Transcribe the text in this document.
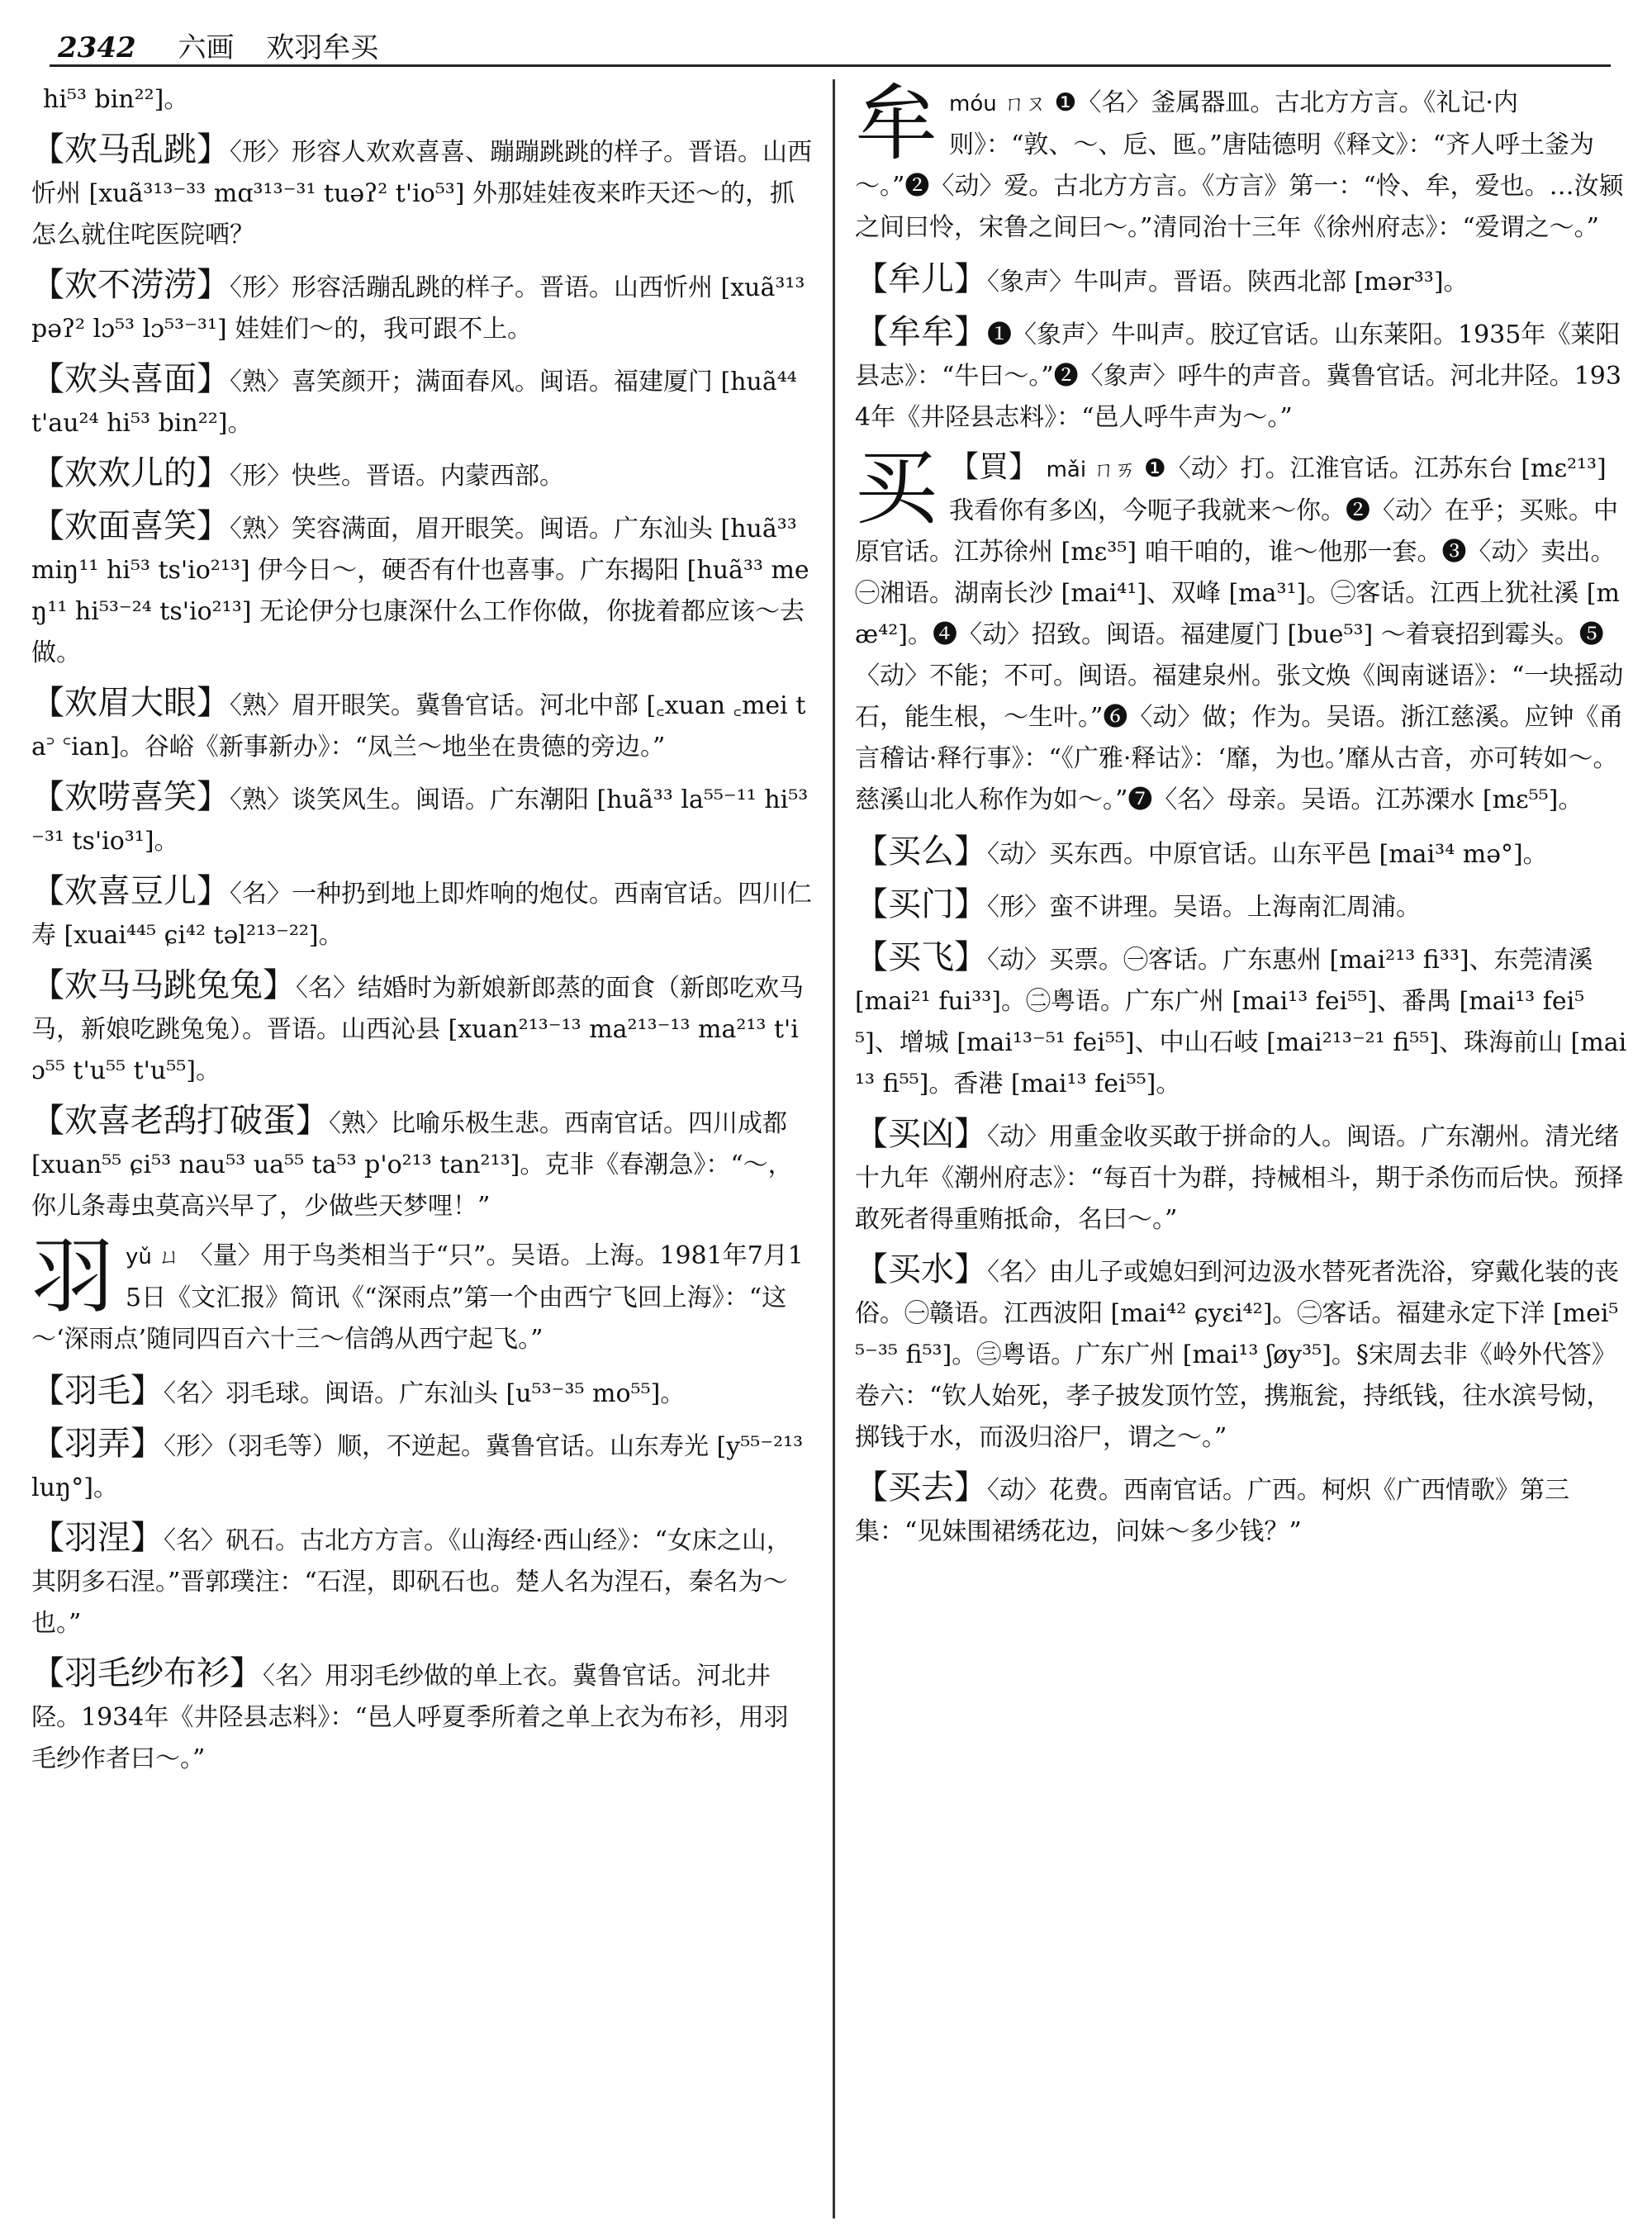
2342 六画 欢羽牟买
hi⁵³ bin²²]。
【欢马乱跳】〈形〉形容人欢欢喜喜、蹦蹦跳跳的样子。晋语。山西忻州 [xuã³¹³⁻³³ mɑ³¹³⁻³¹ tuəʔ² t'io⁵³] 外那娃娃夜来昨天还～的，抓怎么就住咤医院哂？
【欢不涝涝】〈形〉形容活蹦乱跳的样子。晋语。山西忻州 [xuã³¹³ pəʔ² lɔ⁵³ lɔ⁵³⁻³¹] 娃娃们～的，我可跟不上。
【欢头喜面】〈熟〉喜笑颜开；满面春风。闽语。福建厦门 [huã⁴⁴ t'au²⁴ hi⁵³ bin²²]。
【欢欢儿的】〈形〉快些。晋语。内蒙西部。
【欢面喜笑】〈熟〉笑容满面，眉开眼笑。闽语。广东汕头 [huã³³ miŋ¹¹ hi⁵³ ts'io²¹³] 伊今日～，硬否有什也喜事。广东揭阳 [huã³³ meŋ¹¹ hi⁵³⁻²⁴ ts'io²¹³] 无论伊分乜康深什么工作你做，你拢着都应该～去做。
【欢眉大眼】〈熟〉眉开眼笑。冀鲁官话。河北中部 [꜀xuan ꜀mei ta꜄ ꜂ian]。谷峪《新事新办》：“凤兰～地坐在贵德的旁边。”
【欢唠喜笑】〈熟〉谈笑风生。闽语。广东潮阳 [huã³³ la⁵⁵⁻¹¹ hi⁵³⁻³¹ ts'io³¹]。
【欢喜豆儿】〈名〉一种扔到地上即炸响的炮仗。西南官话。四川仁寿 [xuai⁴⁴⁵ ɕi⁴² təl²¹³⁻²²]。
【欢马马跳兔兔】〈名〉结婚时为新娘新郎蒸的面食（新郎吃欢马马，新娘吃跳兔兔）。晋语。山西沁县 [xuan²¹³⁻¹³ ma²¹³⁻¹³ ma²¹³ t'iɔ⁵⁵ t'u⁵⁵ t'u⁵⁵]。
【欢喜老鸹打破蛋】〈熟〉比喻乐极生悲。西南官话。四川成都 [xuan⁵⁵ ɕi⁵³ nau⁵³ ua⁵⁵ ta⁵³ p'o²¹³ tan²¹³]。克非《春潮急》：“～，你儿条毒虫莫高兴早了，少做些天梦哩！”
羽 yǔ ㄩ 〈量〉用于鸟类相当于“只”。吴语。上海。1981年7月15日《文汇报》简讯《“深雨点”第一个由西宁飞回上海》：“这～‘深雨点’随同四百六十三～信鸽从西宁起飞。”
【羽毛】〈名〉羽毛球。闽语。广东汕头 [u⁵³⁻³⁵ mo⁵⁵]。
【羽弄】〈形〉（羽毛等）顺，不逆起。冀鲁官话。山东寿光 [y⁵⁵⁻²¹³ luŋ°]。
【羽涅】〈名〉矾石。古北方方言。《山海经·西山经》：“女床之山，其阴多石涅。”晋郭璞注：“石涅，即矾石也。楚人名为涅石，秦名为～也。”
【羽毛纱布衫】〈名〉用羽毛纱做的单上衣。冀鲁官话。河北井陉。1934年《井陉县志料》：“邑人呼夏季所着之单上衣为布衫，用羽毛纱作者曰～。”
牟 móu ㄇㄡ ❶〈名〉釜属器皿。古北方方言。《礼记·内则》：“敦、～、卮、匜。”唐陆德明《释文》：“齐人呼土釜为～。”❷〈动〉爱。古北方方言。《方言》第一：“怜、牟，爱也。…汝颍之间曰怜，宋鲁之间曰～。”清同治十三年《徐州府志》：“爱谓之～。”
【牟儿】〈象声〉牛叫声。晋语。陕西北部 [mər³³]。
【牟牟】❶〈象声〉牛叫声。胶辽官话。山东莱阳。1935年《莱阳县志》：“牛曰～。”❷〈象声〉呼牛的声音。冀鲁官话。河北井陉。1934年《井陉县志料》：“邑人呼牛声为～。”
买 【買】 mǎi ㄇㄞ ❶〈动〉打。江淮官话。江苏东台 [mɛ²¹³] 我看你有多凶，今呃子我就来～你。❷〈动〉在乎；买账。中原官话。江苏徐州 [mɛ³⁵] 咱干咱的，谁～他那一套。❸〈动〉卖出。㊀湘语。湖南长沙 [mai⁴¹]、双峰 [ma³¹]。㊁客话。江西上犹社溪 [mæ⁴²]。❹〈动〉招致。闽语。福建厦门 [bue⁵³] ～着衰招到霉头。❺〈动〉不能；不可。闽语。福建泉州。张文焕《闽南谜语》：“一块摇动石，能生根，～生叶。”❻〈动〉做；作为。吴语。浙江慈溪。应钟《甬言稽诂·释行事》：“《广雅·释诂》：‘靡，为也。’靡从古音，亦可转如～。慈溪山北人称作为如～。”❼〈名〉母亲。吴语。江苏溧水 [mɛ⁵⁵]。
【买么】〈动〉买东西。中原官话。山东平邑 [mai³⁴ mə°]。
【买门】〈形〉蛮不讲理。吴语。上海南汇周浦。
【买飞】〈动〉买票。㊀客话。广东惠州 [mai²¹³ fi³³]、东莞清溪 [mai²¹ fui³³]。㊁粤语。广东广州 [mai¹³ fei⁵⁵]、番禺 [mai¹³ fei⁵⁵]、增城 [mai¹³⁻⁵¹ fei⁵⁵]、中山石岐 [mai²¹³⁻²¹ fi⁵⁵]、珠海前山 [mai¹³ fi⁵⁵]。香港 [mai¹³ fei⁵⁵]。
【买凶】〈动〉用重金收买敢于拼命的人。闽语。广东潮州。清光绪十九年《潮州府志》：“每百十为群，持械相斗，期于杀伤而后快。预择敢死者得重贿抵命，名曰～。”
【买水】〈名〉由儿子或媳妇到河边汲水替死者洗浴，穿戴化装的丧俗。㊀赣语。江西波阳 [mai⁴² ɕyɛi⁴²]。㊁客话。福建永定下洋 [mei⁵⁵⁻³⁵ fi⁵³]。㊂粤语。广东广州 [mai¹³ ʃøy³⁵]。§宋周去非《岭外代答》卷六：“钦人始死，孝子披发顶竹笠，携瓶瓮，持纸钱，往水滨号恸，掷钱于水，而汲归浴尸，谓之～。”
【买去】〈动〉花费。西南官话。广西。柯炽《广西情歌》第三集：“见妹围裙绣花边，问妹～多少钱？”
